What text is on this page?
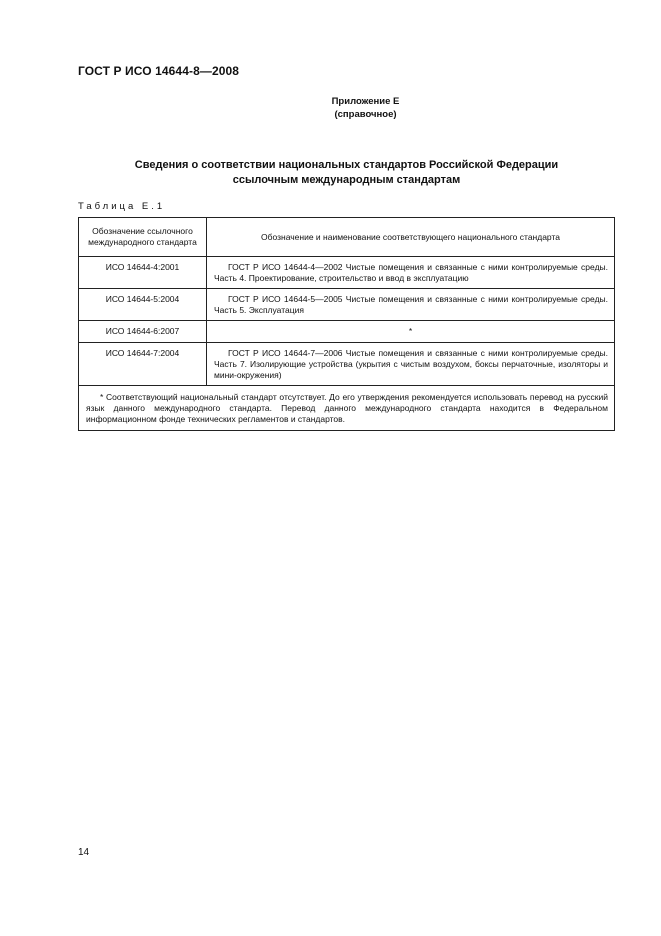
ГОСТ Р ИСО 14644-8—2008
Приложение Е
(справочное)
Сведения о соответствии национальных стандартов Российской Федерации
ссылочным международным стандартам
Таблица Е.1
Обозначение ссылочного международного стандарта	Обозначение и наименование соответствующего национального стандарта
ИСО 14644-4:2001	ГОСТ Р ИСО 14644-4—2002 Чистые помещения и связанные с ними контролируемые среды. Часть 4. Проектирование, строительство и ввод в эксплуатацию
ИСО 14644-5:2004	ГОСТ Р ИСО 14644-5—2005 Чистые помещения и связанные с ними контролируемые среды. Часть 5. Эксплуатация
ИСО 14644-6:2007	*
ИСО 14644-7:2004	ГОСТ Р ИСО 14644-7—2006 Чистые помещения и связанные с ними контролируемые среды. Часть 7. Изолирующие устройства (укрытия с чистым воздухом, боксы перчаточные, изоляторы и мини-окружения)
* Соответствующий национальный стандарт отсутствует. До его утверждения рекомендуется использовать перевод на русский язык данного международного стандарта. Перевод данного международного стандарта находится в Федеральном информационном фонде технических регламентов и стандартов.	
14
